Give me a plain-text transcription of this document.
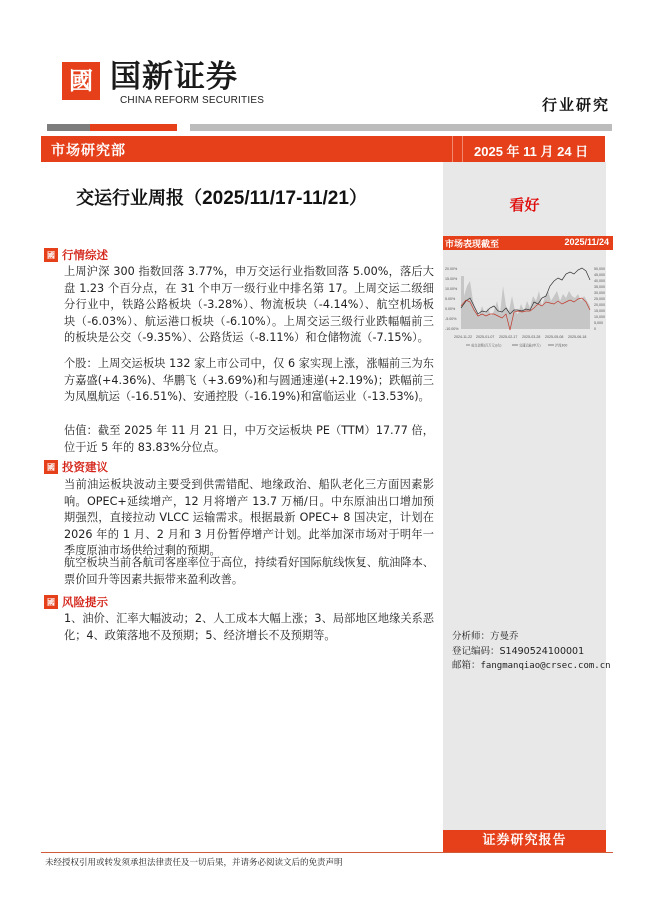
國 国新证券
CHINA REFORM SECURITIES	行业研究
市场研究部	2025 年 11 月 24 日
交运行业周报（2025/11/17-11/21）	看好
市场表现截至	2025/11/24
20.00%
15.00%
10.00%
5.00%
0.00%
-5.00%
-10.00%
50,000
45,000
40,000
35,000
30,000
25,000
20,000
15,000
10,000
5,000
0
2024-11-22 2025-01-07 2025-02-17 2025-03-28 2025-05-08 2025-06-18
成交金额(百万元)(右)	交通运输(申万)	沪深300
分析师：方曼乔
登记编码：S1490524100001
邮箱：fangmanqiao@crsec.com.cn
证券研究报告
國 行情综述
上周沪深 300 指数回落 3.77%，申万交运行业指数回落 5.00%，落后大盘 1.23 个百分点，在 31 个申万一级行业中排名第 17。上周交运二级细分行业中，铁路公路板块（-3.28%）、物流板块（-4.14%）、航空机场板块（-6.03%）、航运港口板块（-6.10%）。上周交运三级行业跌幅幅前三的板块是公交（-9.35%）、公路货运（-8.11%）和仓储物流（-7.15%）。
个股：上周交运板块 132 家上市公司中，仅 6 家实现上涨，涨幅前三为东方嘉盛(+4.36%)、华鹏飞（+3.69%)和与圆通速递(+2.19%)；跌幅前三为凤凰航运（-16.51%)、安通控股（-16.19%)和富临运业（-13.53%)。
估值：截至 2025 年 11 月 21 日，中万交运板块 PE（TTM）17.77 倍，位于近 5 年的 83.83%分位点。
國 投资建议
当前油运板块波动主要受到供需错配、地缘政治、船队老化三方面因素影响。OPEC+延续增产，12 月将增产 13.7 万桶/日。中东原油出口增加预期强烈，直接拉动 VLCC 运输需求。根据最新 OPEC+ 8 国决定，计划在 2026 年的 1 月、2 月和 3 月份暂停增产计划。此举加深市场对于明年一季度原油市场供给过剩的预期。
航空板块当前各航司客座率位于高位，持续看好国际航线恢复、航油降本、票价回升等因素共振带来盈利改善。
國 风险提示
1、油价、汇率大幅波动；2、人工成本大幅上涨；3、局部地区地缘关系恶化；4、政策落地不及预期；5、经济增长不及预期等。
未经授权引用或转发须承担法律责任及一切后果，并请务必阅读文后的免责声明
